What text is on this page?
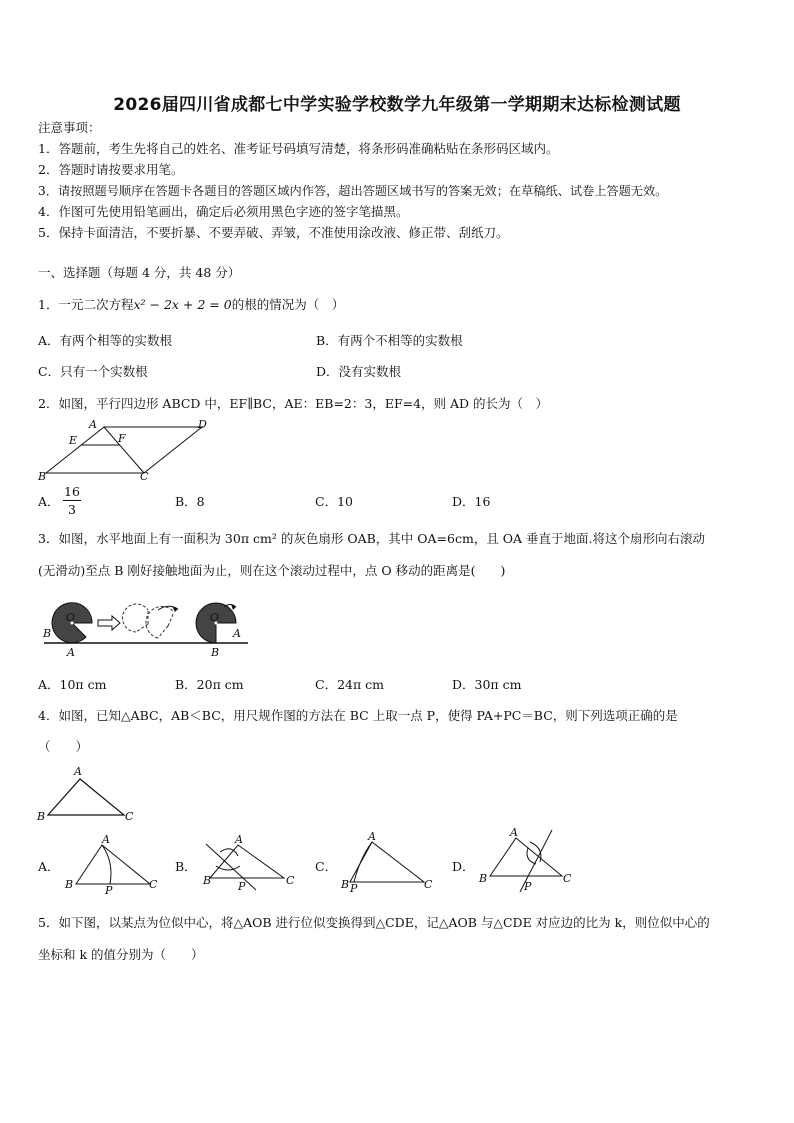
2026届四川省成都七中学实验学校数学九年级第一学期期末达标检测试题
注意事项：
1．答题前，考生先将自己的姓名、准考证号码填写清楚，将条形码准确粘贴在条形码区域内。
2．答题时请按要求用笔。
3．请按照题号顺序在答题卡各题目的答题区域内作答，超出答题区域书写的答案无效；在草稿纸、试卷上答题无效。
4．作图可先使用铅笔画出，确定后必须用黑色字迹的签字笔描黑。
5．保持卡面清洁，不要折暴、不要弄破、弄皱，不准使用涂改液、修正带、刮纸刀。
一、选择题（每题 4 分，共 48 分）
1．一元二次方程x² − 2x + 2 = 0的根的情况为（　）
A．有两个相等的实数根	B．有两个不相等的实数根
C．只有一个实数根	D．没有实数根
2．如图，平行四边形 ABCD 中，EF∥BC，AE：EB=2：3，EF=4，则 AD 的长为（　）
A	D
E	F
B	C
A．
16
3
B．8	C．10	D．16
3．如图，水平地面上有一面积为 30π cm² 的灰色扇形 OAB，其中 OA=6cm，且 OA 垂直于地面.将这个扇形向右滚动
(无滑动)至点 B 刚好接触地面为止，则在这个滚动过程中，点 O 移动的距离是(　　)
O
B
A
O
A
B
A．10π cm	B．20π cm	C．24π cm	D．30π cm
4．如图，已知△ABC，AB＜BC，用尺规作图的方法在 BC 上取一点 P，使得 PA+PC＝BC，则下列选项正确的是
（　　）
A
B	C
A．
A
B	P	C
B．
A
B P	C
C．
A
B P	C
D．
A
B
P
C
5．如下图，以某点为位似中心，将△AOB 进行位似变换得到△CDE，记△AOB 与△CDE 对应边的比为 k，则位似中心的
坐标和 k 的值分别为（　　）
